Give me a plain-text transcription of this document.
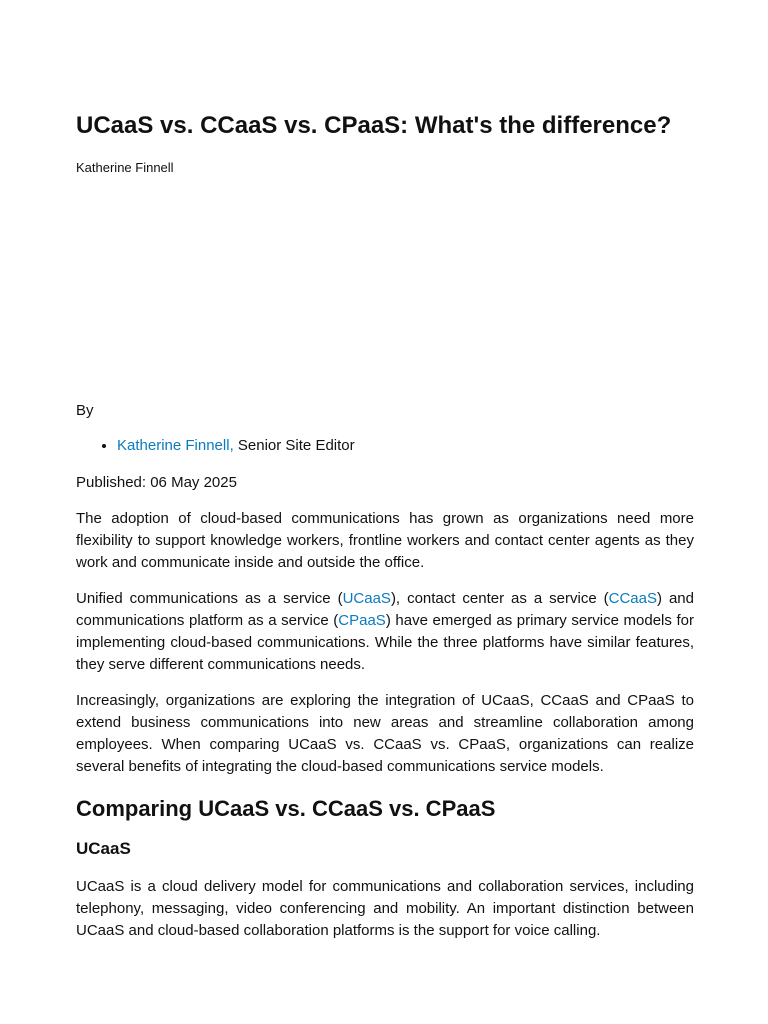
UCaaS vs. CCaaS vs. CPaaS: What's the difference?
Katherine Finnell
By
• Katherine Finnell, Senior Site Editor
Published: 06 May 2025

The adoption of cloud-based communications has grown as organizations need more flexibility to support knowledge workers, frontline workers and contact center agents as they work and communicate inside and outside the office.

Unified communications as a service (UCaaS), contact center as a service (CCaaS) and communications platform as a service (CPaaS) have emerged as primary service models for implementing cloud-based communications. While the three platforms have similar features, they serve different communications needs.

Increasingly, organizations are exploring the integration of UCaaS, CCaaS and CPaaS to extend business communications into new areas and streamline collaboration among employees. When comparing UCaaS vs. CCaaS vs. CPaaS, organizations can realize several benefits of integrating the cloud-based communications service models.

Comparing UCaaS vs. CCaaS vs. CPaaS
UCaaS

UCaaS is a cloud delivery model for communications and collaboration services, including telephony, messaging, video conferencing and mobility. An important distinction between UCaaS and cloud-based collaboration platforms is the support for voice calling.
